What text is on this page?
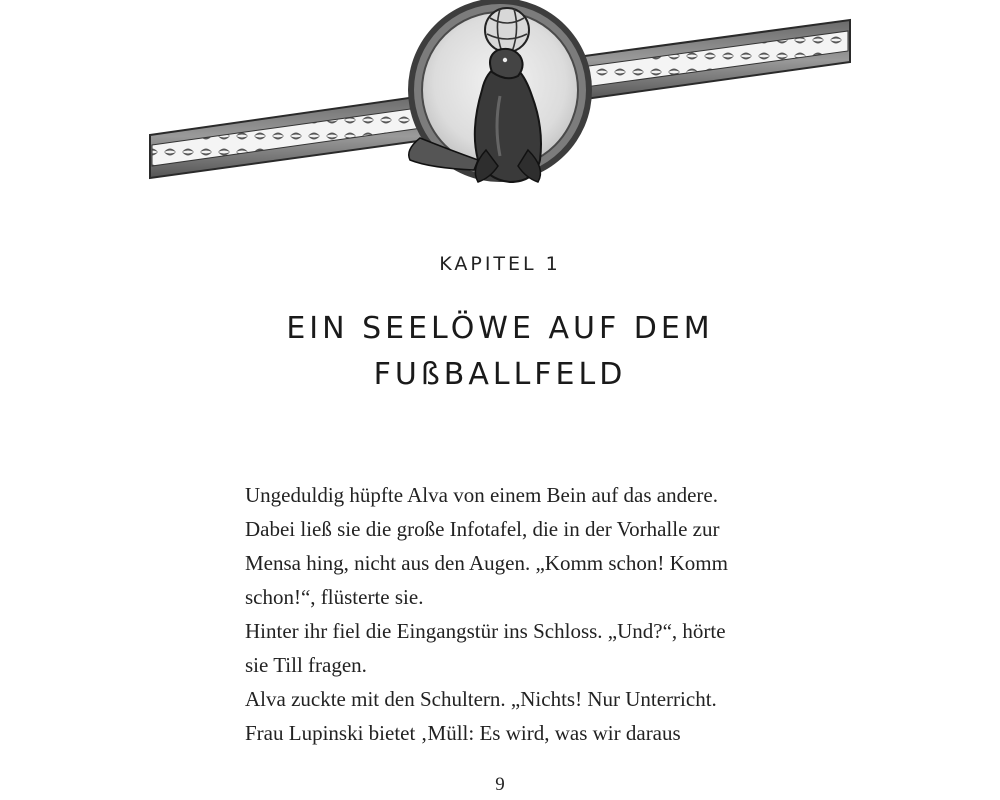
KAPITEL 1
EIN SEELÖWE AUF DEM
FUßBALLFELD
Ungeduldig hüpfte Alva von einem Bein auf das andere.
Dabei ließ sie die große Infotafel, die in der Vorhalle zur
Mensa hing, nicht aus den Augen. „Komm schon! Komm
schon!“, flüsterte sie.
Hinter ihr fiel die Eingangstür ins Schloss. „Und?“, hörte
sie Till fragen.
Alva zuckte mit den Schultern. „Nichts! Nur Unterricht.
Frau Lupinski bietet ‚Müll: Es wird, was wir daraus
9
